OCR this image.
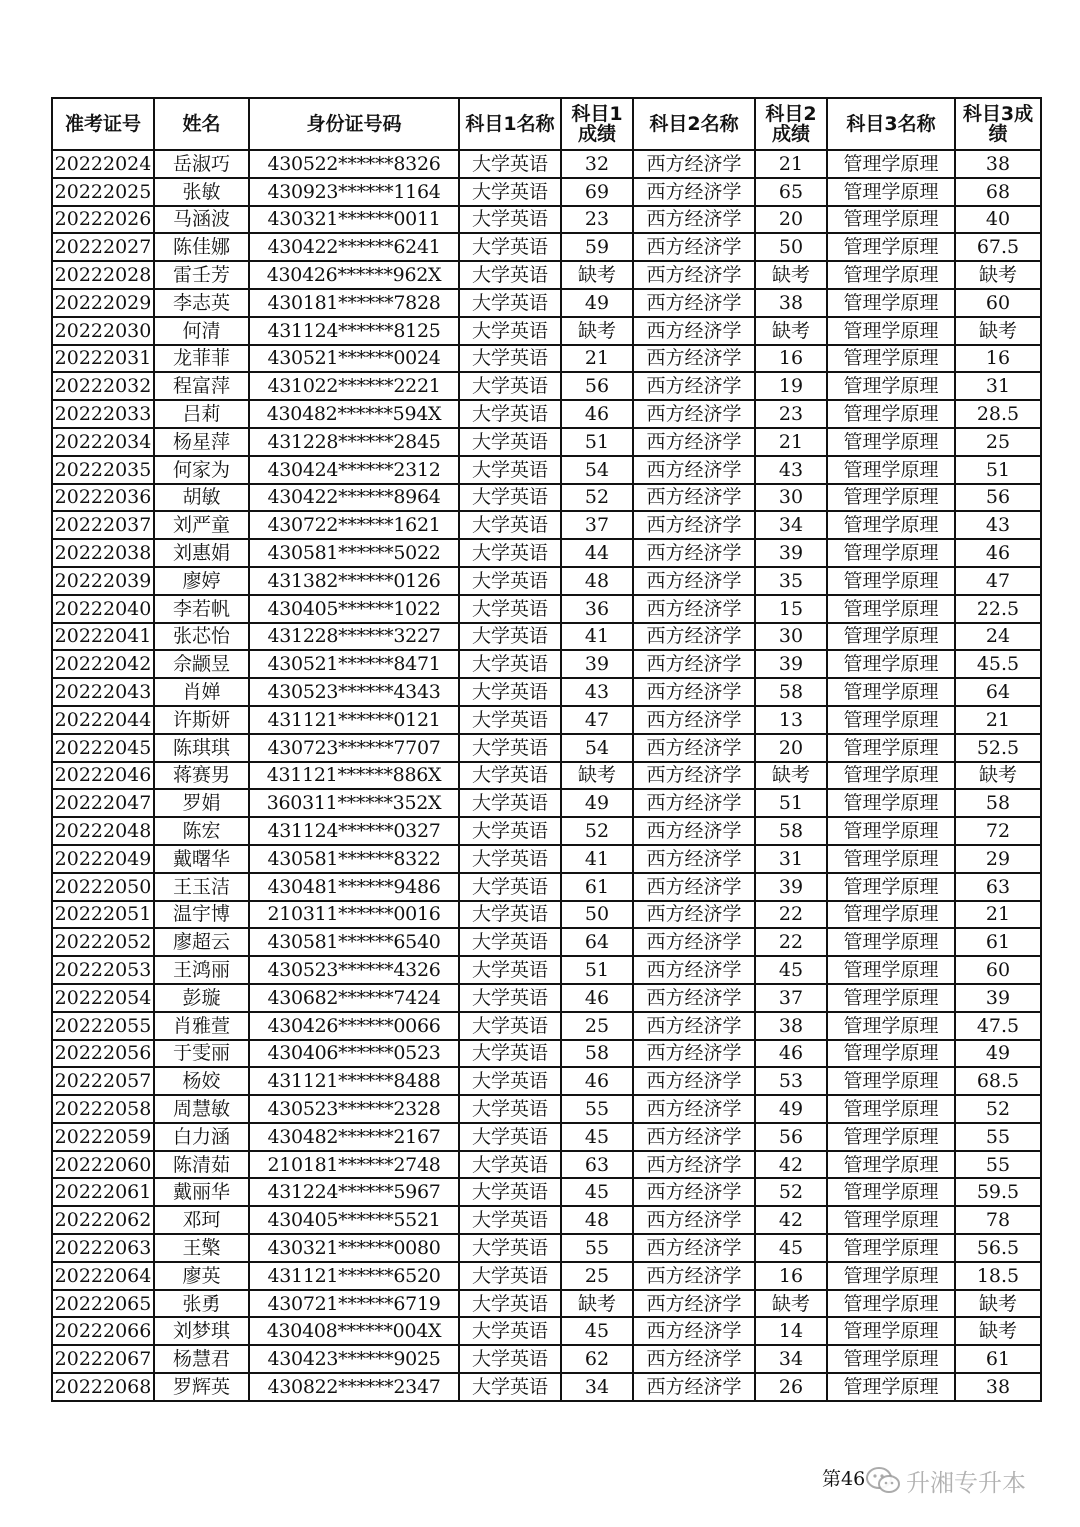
准考证号	姓名	身份证号码	科目1名称	科目1成绩	科目2名称	科目2成绩	科目3名称	科目3成绩
20222024	岳淑巧	430522******8326	大学英语	32	西方经济学	21	管理学原理	38
20222025	张敏	430923******1164	大学英语	69	西方经济学	65	管理学原理	68
20222026	马涵波	430321******0011	大学英语	23	西方经济学	20	管理学原理	40
20222027	陈佳娜	430422******6241	大学英语	59	西方经济学	50	管理学原理	67.5
20222028	雷壬芳	430426******962X	大学英语	缺考	西方经济学	缺考	管理学原理	缺考
20222029	李志英	430181******7828	大学英语	49	西方经济学	38	管理学原理	60
20222030	何清	431124******8125	大学英语	缺考	西方经济学	缺考	管理学原理	缺考
20222031	龙菲菲	430521******0024	大学英语	21	西方经济学	16	管理学原理	16
20222032	程富萍	431022******2221	大学英语	56	西方经济学	19	管理学原理	31
20222033	吕莉	430482******594X	大学英语	46	西方经济学	23	管理学原理	28.5
20222034	杨星萍	431228******2845	大学英语	51	西方经济学	21	管理学原理	25
20222035	何家为	430424******2312	大学英语	54	西方经济学	43	管理学原理	51
20222036	胡敏	430422******8964	大学英语	52	西方经济学	30	管理学原理	56
20222037	刘严童	430722******1621	大学英语	37	西方经济学	34	管理学原理	43
20222038	刘惠娟	430581******5022	大学英语	44	西方经济学	39	管理学原理	46
20222039	廖婷	431382******0126	大学英语	48	西方经济学	35	管理学原理	47
20222040	李若帆	430405******1022	大学英语	36	西方经济学	15	管理学原理	22.5
20222041	张芯怡	431228******3227	大学英语	41	西方经济学	30	管理学原理	24
20222042	佘颛昱	430521******8471	大学英语	39	西方经济学	39	管理学原理	45.5
20222043	肖婵	430523******4343	大学英语	43	西方经济学	58	管理学原理	64
20222044	许斯妍	431121******0121	大学英语	47	西方经济学	13	管理学原理	21
20222045	陈琪琪	430723******7707	大学英语	54	西方经济学	20	管理学原理	52.5
20222046	蒋赛男	431121******886X	大学英语	缺考	西方经济学	缺考	管理学原理	缺考
20222047	罗娟	360311******352X	大学英语	49	西方经济学	51	管理学原理	58
20222048	陈宏	431124******0327	大学英语	52	西方经济学	58	管理学原理	72
20222049	戴曙华	430581******8322	大学英语	41	西方经济学	31	管理学原理	29
20222050	王玉洁	430481******9486	大学英语	61	西方经济学	39	管理学原理	63
20222051	温宇博	210311******0016	大学英语	50	西方经济学	22	管理学原理	21
20222052	廖超云	430581******6540	大学英语	64	西方经济学	22	管理学原理	61
20222053	王鸿丽	430523******4326	大学英语	51	西方经济学	45	管理学原理	60
20222054	彭璇	430682******7424	大学英语	46	西方经济学	37	管理学原理	39
20222055	肖雅萱	430426******0066	大学英语	25	西方经济学	38	管理学原理	47.5
20222056	于雯丽	430406******0523	大学英语	58	西方经济学	46	管理学原理	49
20222057	杨姣	431121******8488	大学英语	46	西方经济学	53	管理学原理	68.5
20222058	周慧敏	430523******2328	大学英语	55	西方经济学	49	管理学原理	52
20222059	白力涵	430482******2167	大学英语	45	西方经济学	56	管理学原理	55
20222060	陈清茹	210181******2748	大学英语	63	西方经济学	42	管理学原理	55
20222061	戴丽华	431224******5967	大学英语	45	西方经济学	52	管理学原理	59.5
20222062	邓珂	430405******5521	大学英语	48	西方经济学	42	管理学原理	78
20222063	王檠	430321******0080	大学英语	55	西方经济学	45	管理学原理	56.5
20222064	廖英	431121******6520	大学英语	25	西方经济学	16	管理学原理	18.5
20222065	张勇	430721******6719	大学英语	缺考	西方经济学	缺考	管理学原理	缺考
20222066	刘梦琪	430408******004X	大学英语	45	西方经济学	14	管理学原理	缺考
20222067	杨慧君	430423******9025	大学英语	62	西方经济学	34	管理学原理	61
20222068	罗辉英	430822******2347	大学英语	34	西方经济学	26	管理学原理	38
第46 升湘专升本
